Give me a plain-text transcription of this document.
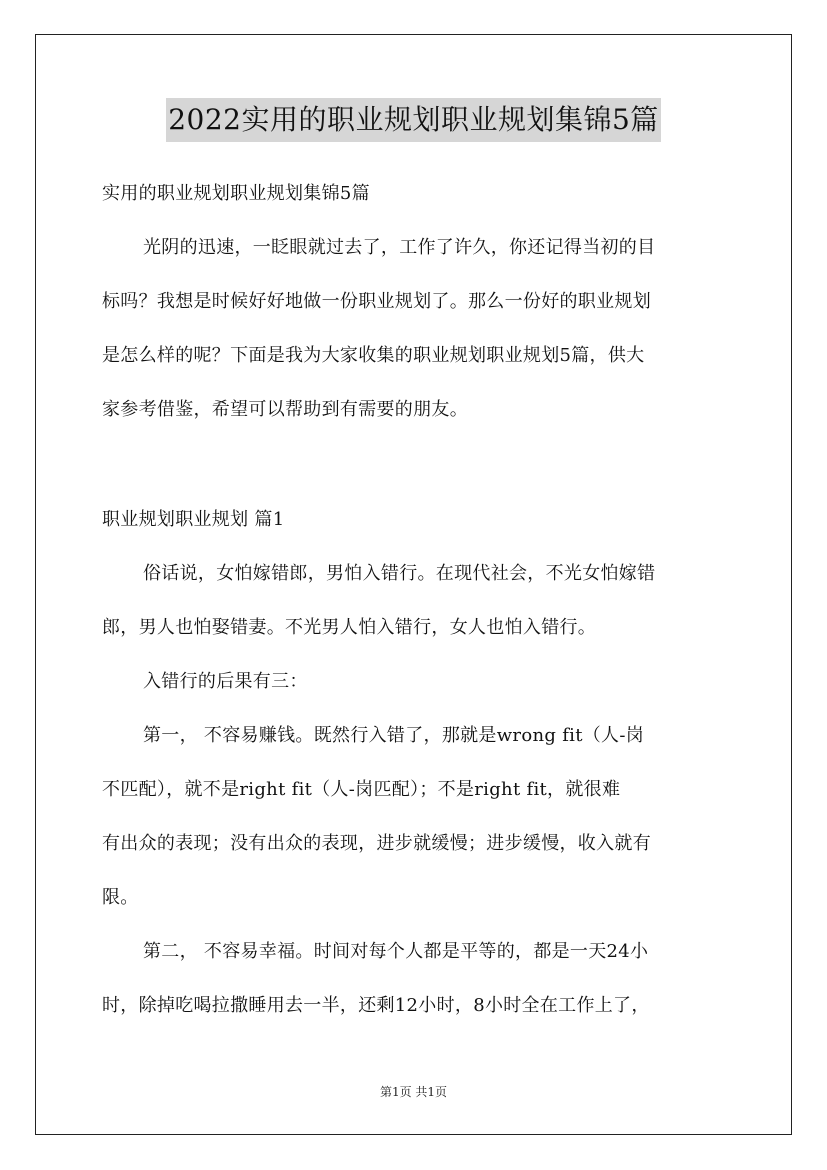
2022实用的职业规划职业规划集锦5篇
实用的职业规划职业规划集锦5篇
光阴的迅速，一眨眼就过去了，工作了许久，你还记得当初的目
标吗？我想是时候好好地做一份职业规划了。那么一份好的职业规划
是怎么样的呢？下面是我为大家收集的职业规划职业规划5篇，供大
家参考借鉴，希望可以帮助到有需要的朋友。
职业规划职业规划 篇1
俗话说，女怕嫁错郎，男怕入错行。在现代社会，不光女怕嫁错
郎，男人也怕娶错妻。不光男人怕入错行，女人也怕入错行。
入错行的后果有三：
第一， 不容易赚钱。既然行入错了，那就是wrong fit（人-岗
不匹配），就不是right fit（人-岗匹配）；不是right fit，就很难
有出众的表现；没有出众的表现，进步就缓慢；进步缓慢，收入就有
限。
第二， 不容易幸福。时间对每个人都是平等的，都是一天24小
时，除掉吃喝拉撒睡用去一半，还剩12小时，8小时全在工作上了，
第1页 共1页
